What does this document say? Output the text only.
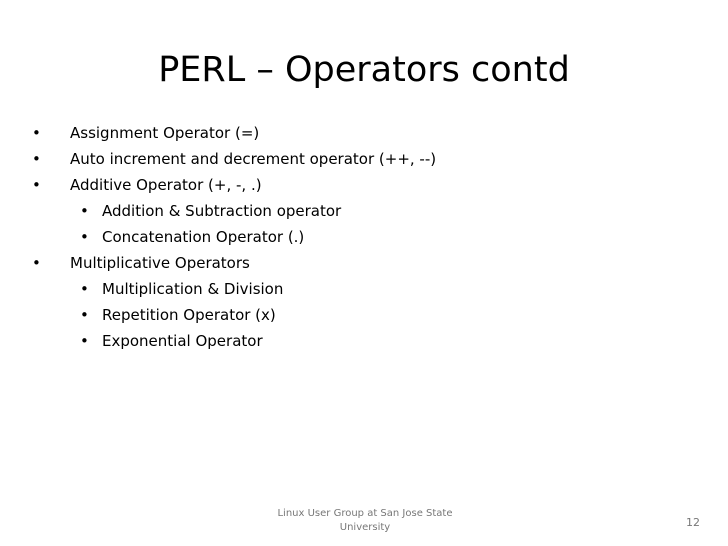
PERL – Operators contd
• Assignment Operator (=)
• Auto increment and decrement operator (++, --)
• Additive Operator (+, -, .)
• Addition & Subtraction operator
• Concatenation Operator (.)
• Multiplicative Operators
• Multiplication & Division
• Repetition Operator (x)
• Exponential Operator
Linux User Group at San Jose State University	12
